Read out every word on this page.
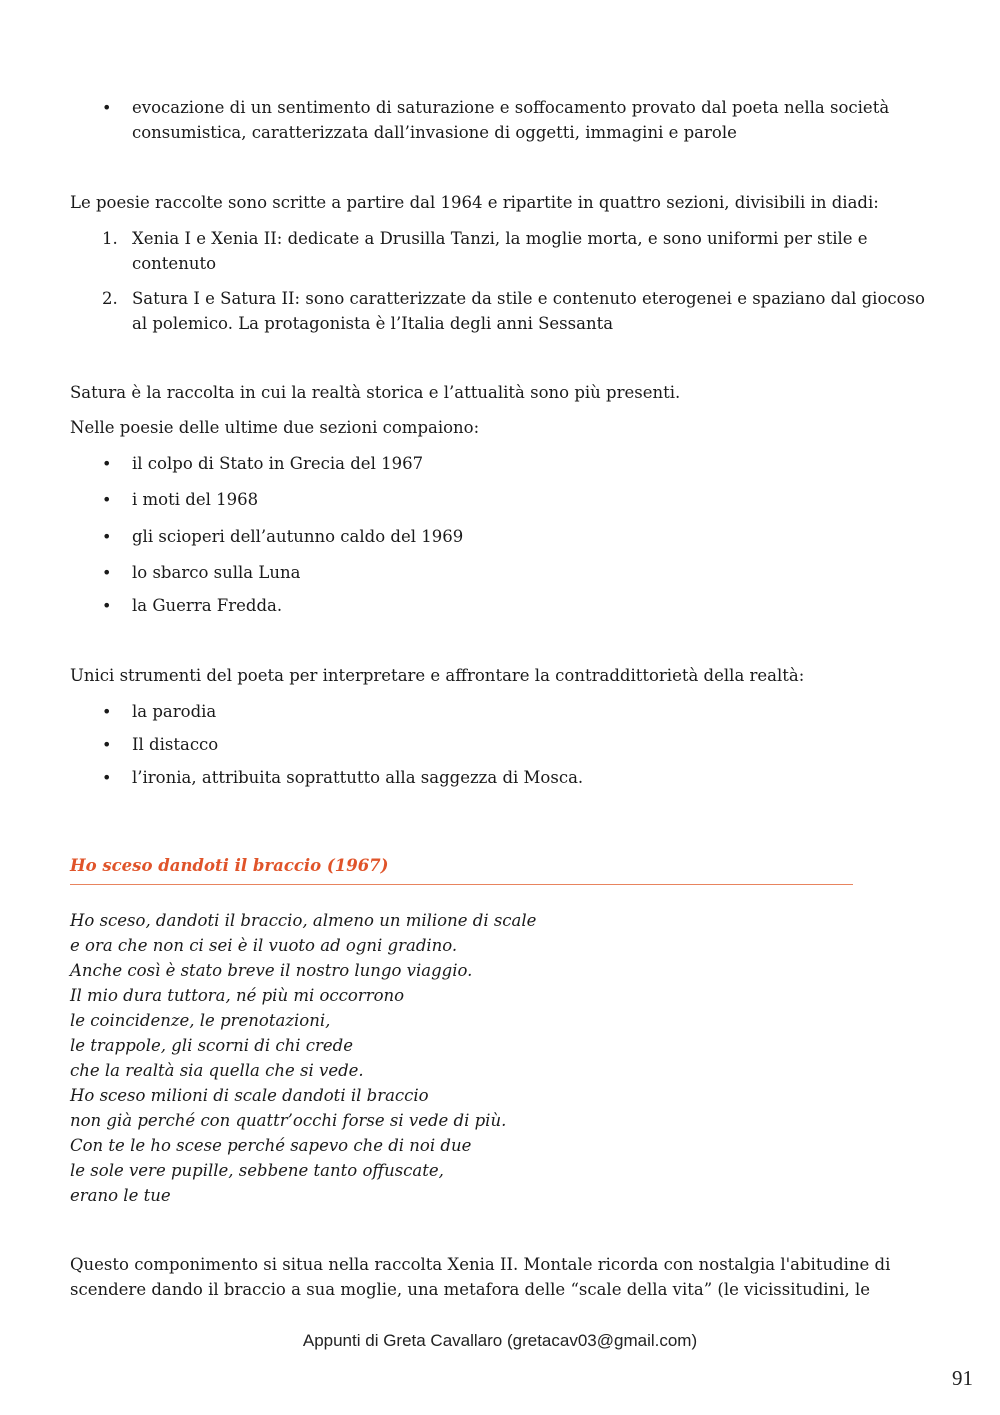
• evocazione di un sentimento di saturazione e soffocamento provato dal poeta nella società consumistica, caratterizzata dall’invasione di oggetti, immagini e parole

Le poesie raccolte sono scritte a partire dal 1964 e ripartite in quattro sezioni, divisibili in diadi:

1. Xenia I e Xenia II: dedicate a Drusilla Tanzi, la moglie morta, e sono uniformi per stile e contenuto
2. Satura I e Satura II: sono caratterizzate da stile e contenuto eterogenei e spaziano dal giocoso al polemico. La protagonista è l’Italia degli anni Sessanta

Satura è la raccolta in cui la realtà storica e l’attualità sono più presenti.

Nelle poesie delle ultime due sezioni compaiono:

• il colpo di Stato in Grecia del 1967
• i moti del 1968
• gli scioperi dell’autunno caldo del 1969
• lo sbarco sulla Luna
• la Guerra Fredda.

Unici strumenti del poeta per interpretare e affrontare la contraddittorietà della realtà:

• la parodia
• Il distacco
• l’ironia, attribuita soprattutto alla saggezza di Mosca.
Ho sceso dandoti il braccio (1967)
Ho sceso, dandoti il braccio, almeno un milione di scale
e ora che non ci sei è il vuoto ad ogni gradino.
Anche così è stato breve il nostro lungo viaggio.
Il mio dura tuttora, né più mi occorrono
le coincidenze, le prenotazioni,
le trappole, gli scorni di chi crede
che la realtà sia quella che si vede.
Ho sceso milioni di scale dandoti il braccio
non già perché con quattr’occhi forse si vede di più.
Con te le ho scese perché sapevo che di noi due
le sole vere pupille, sebbene tanto offuscate,
erano le tue

Questo componimento si situa nella raccolta Xenia II. Montale ricorda con nostalgia l'abitudine di scendere dando il braccio a sua moglie, una metafora delle “scale della vita” (le vicissitudini, le

Appunti di Greta Cavallaro (gretacav03@gmail.com)
91
